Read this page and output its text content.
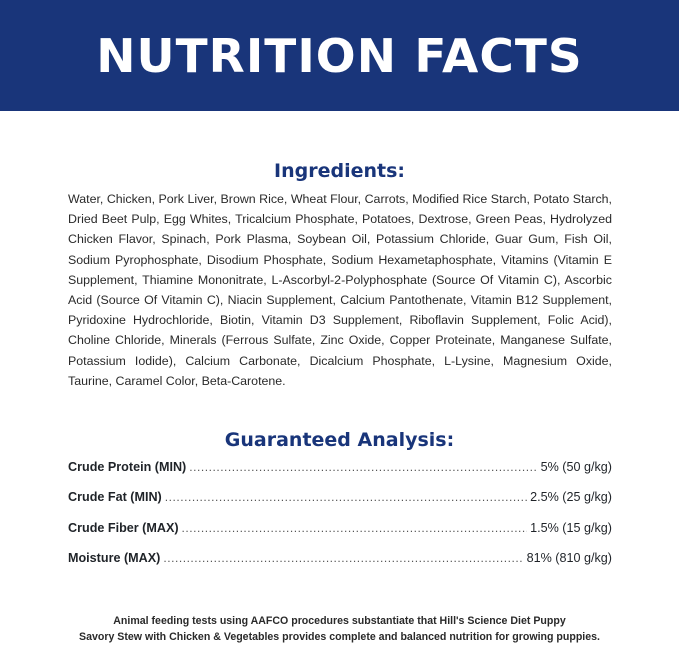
NUTRITION FACTS
Ingredients:

Water, Chicken, Pork Liver, Brown Rice, Wheat Flour, Carrots, Modified Rice Starch, Potato Starch, Dried Beet Pulp, Egg Whites, Tricalcium Phosphate, Potatoes, Dextrose, Green Peas, Hydrolyzed Chicken Flavor, Spinach, Pork Plasma, Soybean Oil, Potassium Chloride, Guar Gum, Fish Oil, Sodium Pyrophosphate, Disodium Phosphate, Sodium Hexametaphosphate, Vitamins (Vitamin E Supplement, Thiamine Mononitrate, L-Ascorbyl-2-Polyphosphate (Source Of Vitamin C), Ascorbic Acid (Source Of Vitamin C), Niacin Supplement, Calcium Pantothenate, Vitamin B12 Supplement, Pyridoxine Hydrochloride, Biotin, Vitamin D3 Supplement, Riboflavin Supplement, Folic Acid), Choline Chloride, Minerals (Ferrous Sulfate, Zinc Oxide, Copper Proteinate, Manganese Sulfate, Potassium Iodide), Calcium Carbonate, Dicalcium Phosphate, L-Lysine, Magnesium Oxide, Taurine, Caramel Color, Beta-Carotene.

Guaranteed Analysis:
Crude Protein (MIN) . . .	5% (50 g/kg)
Crude Fat (MIN) . . .	2.5% (25 g/kg)
Crude Fiber (MAX) . . .	1.5% (15 g/kg)
Moisture (MAX) . . .	81% (810 g/kg)

Animal feeding tests using AAFCO procedures substantiate that Hill's Science Diet Puppy
Savory Stew with Chicken & Vegetables provides complete and balanced nutrition for growing puppies.
